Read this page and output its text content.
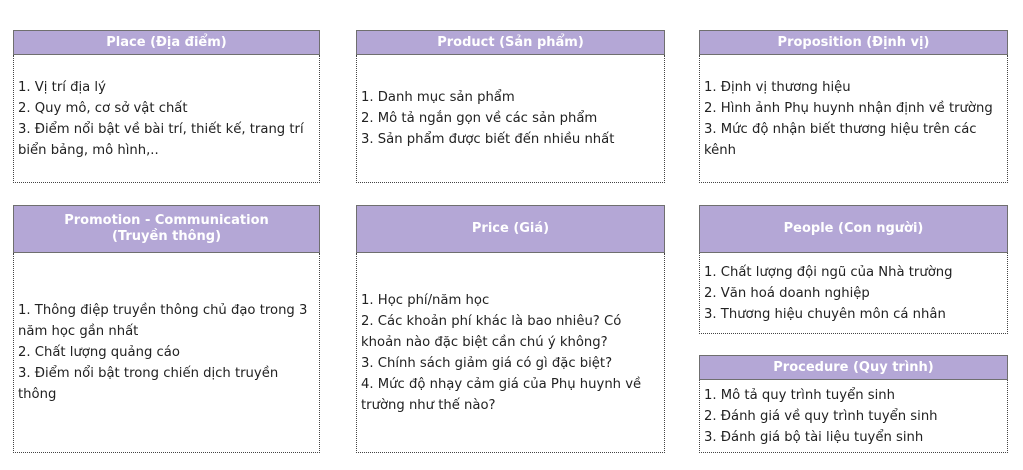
Place (Địa điểm)
1. Vị trí địa lý
2. Quy mô, cơ sở vật chất
3. Điểm nổi bật về bài trí, thiết kế, trang trí biển bảng, mô hình,..
Product (Sản phẩm)
1. Danh mục sản phẩm
2. Mô tả ngắn gọn về các sản phẩm
3. Sản phẩm được biết đến nhiều nhất
Proposition (Định vị)
1. Định vị thương hiệu
2. Hình ảnh Phụ huynh nhận định về trường
3. Mức độ nhận biết thương hiệu trên các kênh
Promotion - Communication (Truyền thông)
1. Thông điệp truyền thông chủ đạo trong 3 năm học gần nhất
2. Chất lượng quảng cáo
3. Điểm nổi bật trong chiến dịch truyền thông
Price (Giá)
1. Học phí/năm học
2. Các khoản phí khác là bao nhiêu? Có khoản nào đặc biệt cần chú ý không?
3. Chính sách giảm giá có gì đặc biệt?
4. Mức độ nhạy cảm giá của Phụ huynh về trường như thế nào?
People (Con người)
1. Chất lượng đội ngũ của Nhà trường
2. Văn hoá doanh nghiệp
3. Thương hiệu chuyên môn cá nhân
Procedure (Quy trình)
1. Mô tả quy trình tuyển sinh
2. Đánh giá về quy trình tuyển sinh
3. Đánh giá bộ tài liệu tuyển sinh
